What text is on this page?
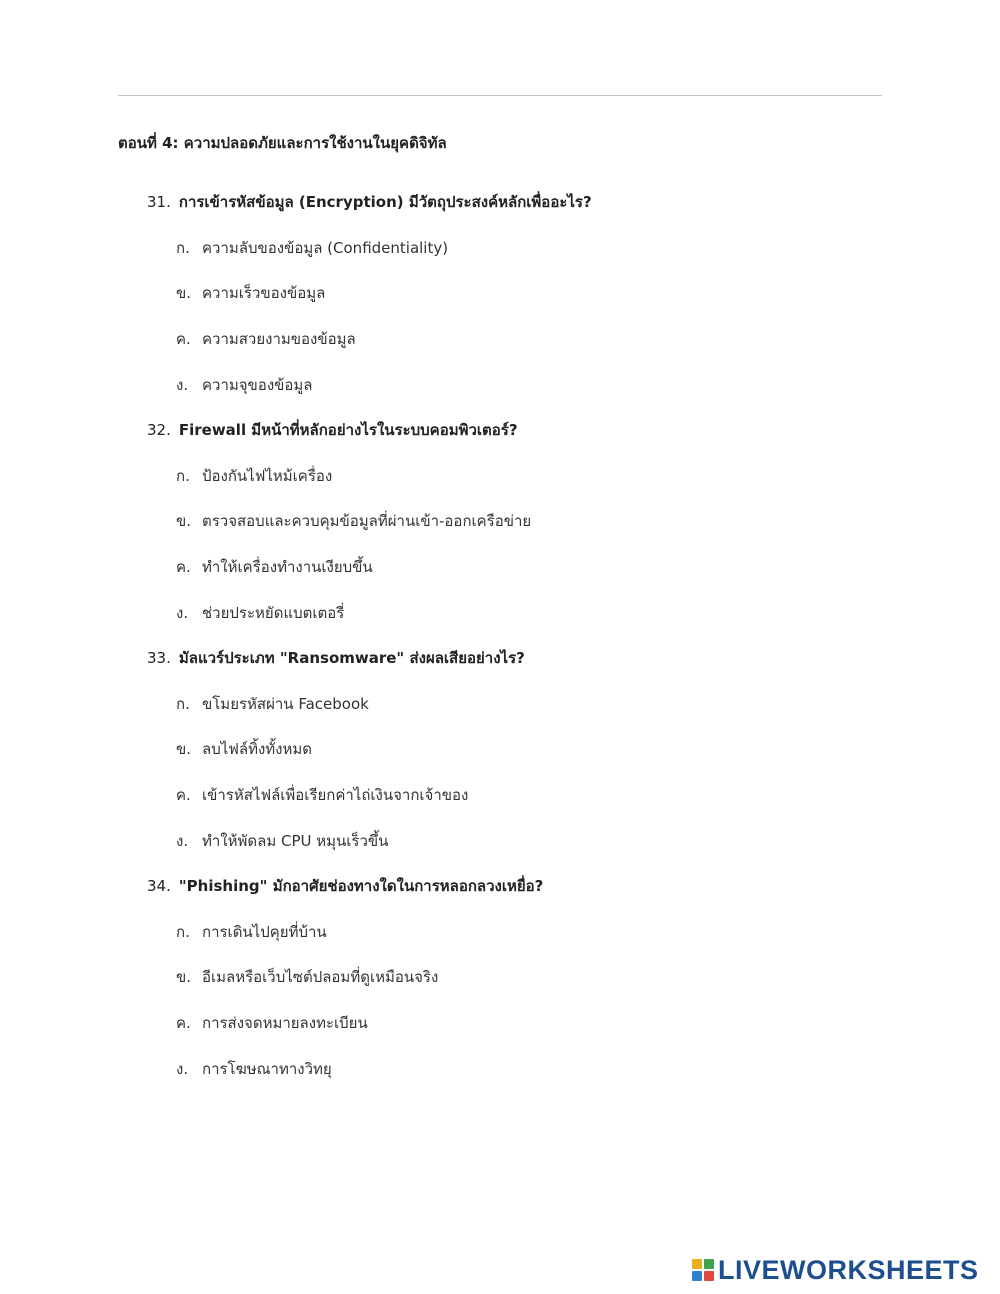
ตอนที่ 4: ความปลอดภัยและการใช้งานในยุคดิจิทัล
31. การเข้ารหัสข้อมูล (Encryption) มีวัตถุประสงค์หลักเพื่ออะไร?
ก. ความลับของข้อมูล (Confidentiality)
ข. ความเร็วของข้อมูล
ค. ความสวยงามของข้อมูล
ง. ความจุของข้อมูล
32. Firewall มีหน้าที่หลักอย่างไรในระบบคอมพิวเตอร์?
ก. ป้องกันไฟไหม้เครื่อง
ข. ตรวจสอบและควบคุมข้อมูลที่ผ่านเข้า-ออกเครือข่าย
ค. ทำให้เครื่องทำงานเงียบขึ้น
ง. ช่วยประหยัดแบตเตอรี่
33. มัลแวร์ประเภท "Ransomware" ส่งผลเสียอย่างไร?
ก. ขโมยรหัสผ่าน Facebook
ข. ลบไฟล์ทิ้งทั้งหมด
ค. เข้ารหัสไฟล์เพื่อเรียกค่าไถ่เงินจากเจ้าของ
ง. ทำให้พัดลม CPU หมุนเร็วขึ้น
34. "Phishing" มักอาศัยช่องทางใดในการหลอกลวงเหยื่อ?
ก. การเดินไปคุยที่บ้าน
ข. อีเมลหรือเว็บไซต์ปลอมที่ดูเหมือนจริง
ค. การส่งจดหมายลงทะเบียน
ง. การโฆษณาทางวิทยุ
LIVEWORKSHEETS
